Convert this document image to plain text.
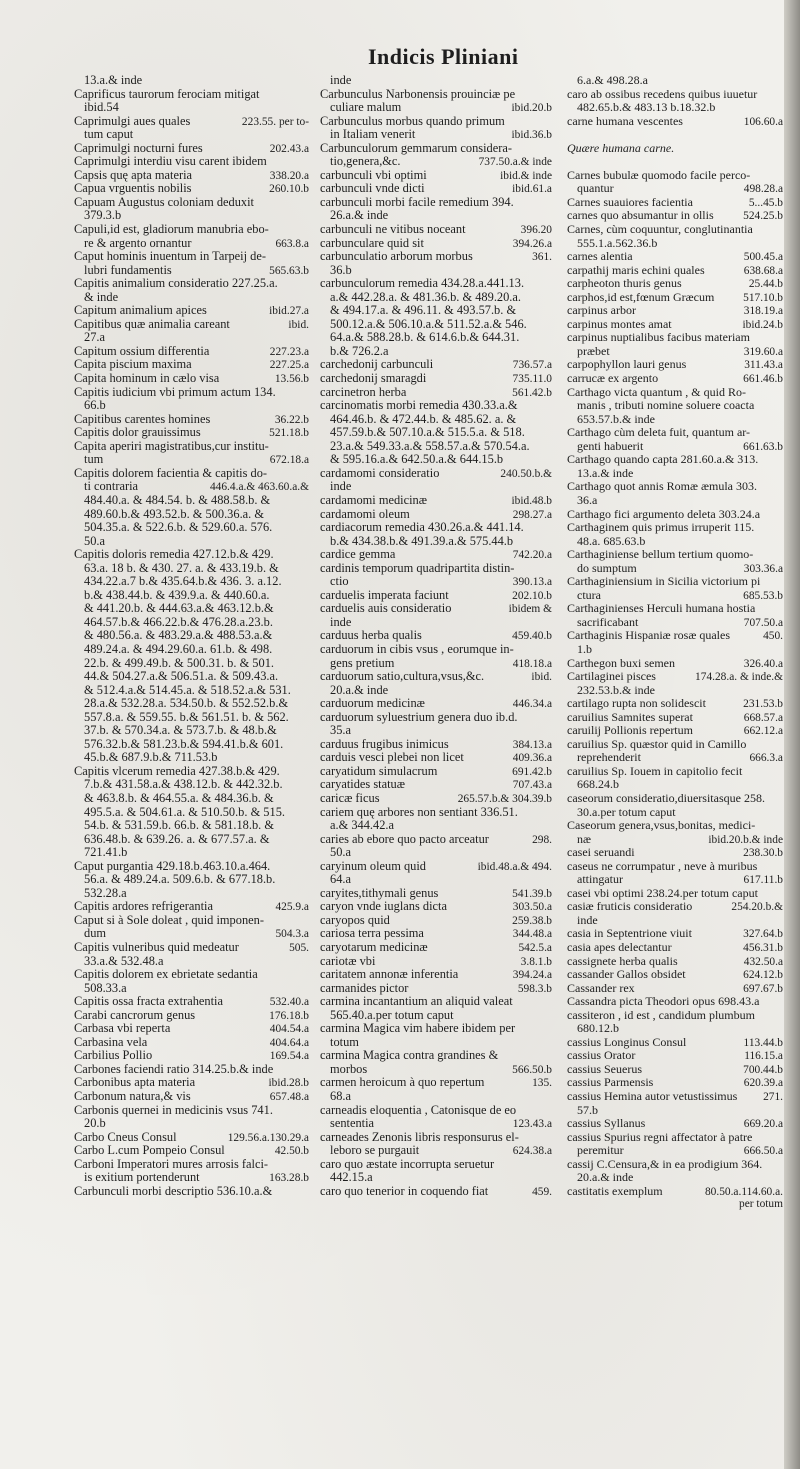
Indicis Pliniani
13.a.& inde
Caprificus taurorum ferociam mitigat
ibid.54
Caprimulgi aues quales	223.55. per to-
tum caput
Caprimulgi nocturni fures	202.43.a
Caprimulgi interdiu visu carent ibidem
Capsis quę apta materia	338.20.a
Capua vrguentis nobilis	260.10.b
Capuam Augustus coloniam deduxit
379.3.b
Capuli,id est, gladiorum manubria ebo-
re & argento ornantur	663.8.a
Caput hominis inuentum in Tarpeij de-
lubri fundamentis	565.63.b
Capitis animalium consideratio 227.25.a.
& inde
Capitum animalium apices	ibid.27.a
Capitibus quæ animalia careant	ibid.
27.a
Capitum ossium differentia	227.23.a
Capita piscium maxima	227.25.a
Capita hominum in cælo visa	13.56.b
Capitis iudicium vbi primum actum 134.
66.b
Capitibus carentes homines	36.22.b
Capitis dolor grauissimus	521.18.b
Capita aperiri magistratibus,cur institu-
tum	672.18.a
Capitis dolorem facientia & capitis do-
ti contraria	446.4.a.& 463.60.a.&
484.40.a. & 484.54. b. & 488.58.b. &
489.60.b.& 493.52.b. & 500.36.a. &
504.35.a. & 522.6.b. & 529.60.a. 576.
50.a
Capitis doloris remedia 427.12.b.& 429.
63.a. 18 b. & 430. 27. a. & 433.19.b. &
434.22.a.7 b.& 435.64.b.& 436. 3. a.12.
b.& 438.44.b. & 439.9.a. & 440.60.a.
& 441.20.b. & 444.63.a.& 463.12.b.&
464.57.b.& 466.22.b.& 476.28.a.23.b.
& 480.56.a. & 483.29.a.& 488.53.a.&
489.24.a. & 494.29.60.a. 61.b. & 498.
22.b. & 499.49.b. & 500.31. b. & 501.
44.& 504.27.a.& 506.51.a. & 509.43.a.
& 512.4.a.& 514.45.a. & 518.52.a.& 531.
28.a.& 532.28.a. 534.50.b. & 552.52.b.&
557.8.a. & 559.55. b.& 561.51. b. & 562.
37.b. & 570.34.a. & 573.7.b. & 48.b.&
576.32.b.& 581.23.b.& 594.41.b.& 601.
45.b.& 687.9.b.& 711.53.b
Capitis vlcerum remedia 427.38.b.& 429.
7.b.& 431.58.a.& 438.12.b. & 442.32.b.
& 463.8.b. & 464.55.a. & 484.36.b. &
495.5.a. & 504.61.a. & 510.50.b. & 515.
54.b. & 531.59.b. 66.b. & 581.18.b. &
636.48.b. & 639.26. a. & 677.57.a. &
721.41.b
Caput purgantia 429.18.b.463.10.a.464.
56.a. & 489.24.a. 509.6.b. & 677.18.b.
532.28.a
Capitis ardores refrigerantia	425.9.a
Caput si à Sole doleat , quid imponen-
dum	504.3.a
Capitis vulneribus quid medeatur	505.
33.a.& 532.48.a
Capitis dolorem ex ebrietate sedantia
508.33.a
Capitis ossa fracta extrahentia	532.40.a
Carabi cancrorum genus	176.18.b
Carbasa vbi reperta	404.54.a
Carbasina vela	404.64.a
Carbilius Pollio	169.54.a
Carbones faciendi ratio 314.25.b.& inde
Carbonibus apta materia	ibid.28.b
Carbonum natura,& vis	657.48.a
Carbonis quernei in medicinis vsus 741.
20.b
Carbo Cneus Consul	129.56.a.130.29.a
Carbo L.cum Pompeio Consul	42.50.b
Carboni Imperatori mures arrosis falci-
is exitium portenderunt	163.28.b
Carbunculi morbi descriptio 536.10.a.&
inde
Carbunculus Narbonensis prouinciæ pe
culiare malum	ibid.20.b
Carbunculus morbus quando primum
in Italiam venerit	ibid.36.b
Carbunculorum gemmarum considera-
tio,genera,&c.	737.50.a.& inde
carbunculi vbi optimi	ibid.& inde
carbunculi vnde dicti	ibid.61.a
carbunculi morbi facile remedium 394.
26.a.& inde
carbunculi ne vitibus noceant	396.20
carbunculare quid sit	394.26.a
carbunculatio arborum morbus	361.
36.b
carbunculorum remedia 434.28.a.441.13.
a.& 442.28.a. & 481.36.b. & 489.20.a.
& 494.17.a. & 496.11. & 493.57.b. &
500.12.a.& 506.10.a.& 511.52.a.& 546.
64.a.& 588.28.b. & 614.6.b.& 644.31.
b.& 726.2.a
carchedonij carbunculi	736.57.a
carchedonij smaragdi	735.11.0
carcinetron herba	561.42.b
carcinomatis morbi remedia 430.33.a.&
464.46.b. & 472.44.b. & 485.62. a. &
457.59.b.& 507.10.a.& 515.5.a. & 518.
23.a.& 549.33.a.& 558.57.a.& 570.54.a.
& 595.16.a.& 642.50.a.& 644.15.b
cardamomi consideratio	240.50.b.&
inde
cardamomi medicinæ	ibid.48.b
cardamomi oleum	298.27.a
cardiacorum remedia 430.26.a.& 441.14.
b.& 434.38.b.& 491.39.a.& 575.44.b
cardice gemma	742.20.a
cardinis temporum quadripartita distin-
ctio	390.13.a
carduelis imperata faciunt	202.10.b
carduelis auis consideratio	ibidem &
inde
carduus herba qualis	459.40.b
carduorum in cibis vsus , eorumque in-
gens pretium	418.18.a
carduorum satio,cultura,vsus,&c.	ibid.
20.a.& inde
carduorum medicinæ	446.34.a
carduorum syluestrium genera duo ib.d.
35.a
carduus frugibus inimicus	384.13.a
carduis vesci plebei non licet	409.36.a
caryatidum simulacrum	691.42.b
caryatides statuæ	707.43.a
caricæ ficus	265.57.b.& 304.39.b
cariem quę arbores non sentiant 336.51.
a.& 344.42.a
caries ab ebore quo pacto arceatur	298.
50.a
caryinum oleum quid	ibid.48.a.& 494.
64.a
caryites,tithymali genus	541.39.b
caryon vnde iuglans dicta	303.50.a
caryopos quid	259.38.b
cariosa terra pessima	344.48.a
caryotarum medicinæ	542.5.a
cariotæ vbi	3.8.1.b
caritatem annonæ inferentia	394.24.a
carmanides pictor	598.3.b
carmina incantantium an aliquid valeat
565.40.a.per totum caput
carmina Magica vim habere ibidem per
totum
carmina Magica contra grandines &
morbos	566.50.b
carmen heroicum à quo repertum	135.
68.a
carneadis eloquentia , Catonisque de eo
sententia	123.43.a
carneades Zenonis libris responsurus el-
leboro se purgauit	624.38.a
caro quo æstate incorrupta seruetur
442.15.a
caro quo tenerior in coquendo fiat	459.
6.a.& 498.28.a
caro ab ossibus recedens quibus iuuetur
482.65.b.& 483.13 b.18.32.b
carne humana vescentes	106.60.a
Quære humana carne.
Carnes bubulæ quomodo facile perco-
quantur	498.28.a
Carnes suauiores facientia	5...45.b
carnes quo absumantur in ollis	524.25.b
Carnes, cùm coquuntur, conglutinantia
555.1.a.562.36.b
carnes alentia	500.45.a
carpathij maris echini quales	638.68.a
carpheoton thuris genus	25.44.b
carphos,id est,fœnum Græcum	517.10.b
carpinus arbor	318.19.a
carpinus montes amat	ibid.24.b
carpinus nuptialibus facibus materiam
præbet	319.60.a
carpophyllon lauri genus	311.43.a
carrucæ ex argento	661.46.b
Carthago victa quantum , & quid Ro-
manis , tributi nomine soluere coacta
653.57.b.& inde
Carthago cùm deleta fuit, quantum ar-
genti habuerit	661.63.b
Carthago quando capta 281.60.a.& 313.
13.a.& inde
Carthago quot annis Romæ æmula 303.
36.a
Carthago fici argumento deleta 303.24.a
Carthaginem quis primus irruperit 115.
48.a. 685.63.b
Carthaginiense bellum tertium quomo-
do sumptum	303.36.a
Carthaginiensium in Sicilia victorium pi
ctura	685.53.b
Carthaginienses Herculi humana hostia
sacrificabant	707.50.a
Carthaginis Hispaniæ rosæ quales	450.
1.b
Carthegon buxi semen	326.40.a
Cartilaginei pisces	174.28.a. & inde.&
232.53.b.& inde
cartilago rupta non solidescit	231.53.b
caruilius Samnites superat	668.57.a
caruilij Pollionis repertum	662.12.a
caruilius Sp. quæstor quid in Camillo
reprehenderit	666.3.a
caruilius Sp. Iouem in capitolio fecit
668.24.b
caseorum consideratio,diuersitasque 258.
30.a.per totum caput
Caseorum genera,vsus,bonitas, medici-
næ	ibid.20.b.& inde
casei seruandi	238.30.b
caseus ne corrumpatur , neve à muribus
attingatur	617.11.b
casei vbi optimi 238.24.per totum caput
casiæ fruticis consideratio	254.20.b.&
inde
casia in Septentrione viuit	327.64.b
casia apes delectantur	456.31.b
cassignete herba qualis	432.50.a
cassander Gallos obsidet	624.12.b
Cassander rex	697.67.b
Cassandra picta Theodori opus 698.43.a
cassiteron , id est , candidum plumbum
680.12.b
cassius Longinus Consul	113.44.b
cassius Orator	116.15.a
cassius Seuerus	700.44.b
cassius Parmensis	620.39.a
cassius Hemina autor vetustissimus	271.
57.b
cassius Syllanus	669.20.a
cassius Spurius regni affectator à patre
peremitur	666.50.a
cassij C.Censura,& in ea prodigium 364.
20.a.& inde
castitatis exemplum	80.50.a.114.60.a.
per totum
